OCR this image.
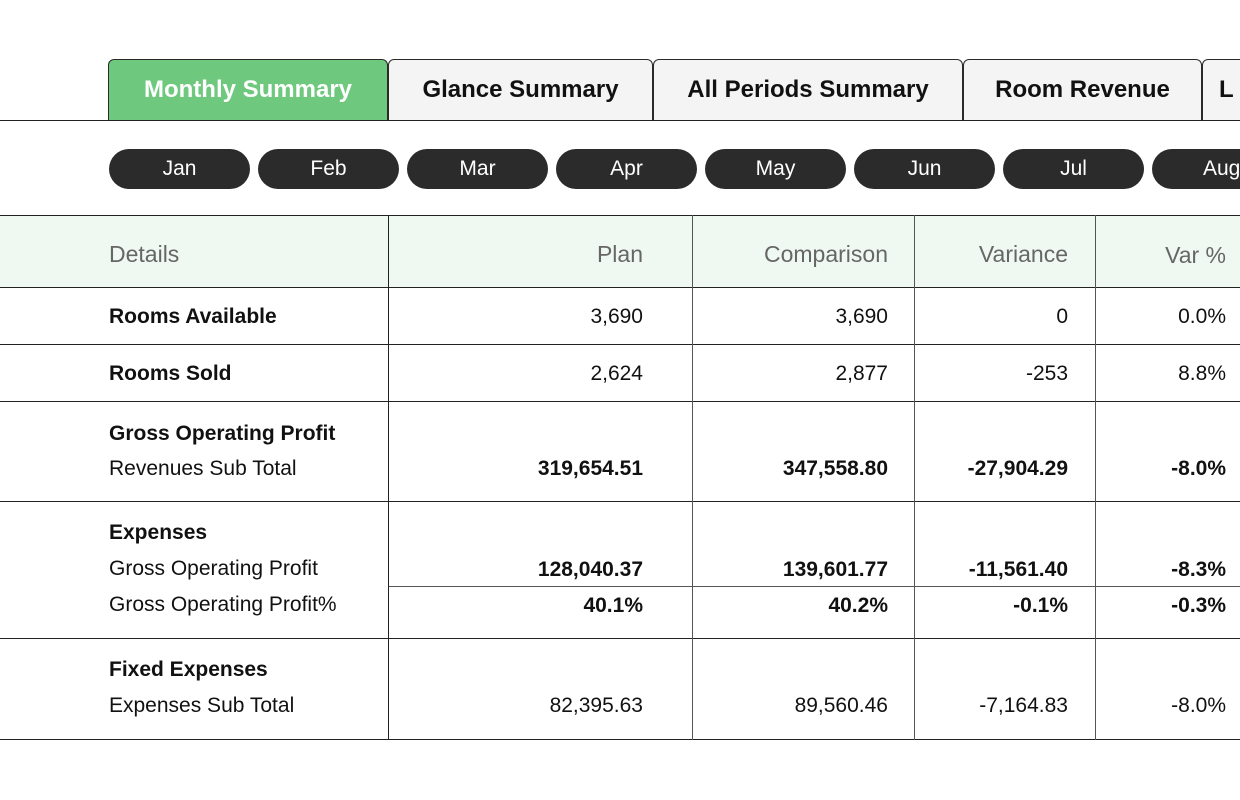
Monthly Summary	Glance Summary	All Periods Summary	Room Revenue	L
Jan	Feb	Mar	Apr	May	Jun	Jul	Aug
Details	Plan	Comparison	Variance	Var %
Rooms Available	3,690	3,690	0	0.0%
Rooms Sold	2,624	2,877	-253	8.8%
Gross Operating Profit
Revenues Sub Total	319,654.51	347,558.80	-27,904.29	-8.0%
Expenses
Gross Operating Profit	128,040.37	139,601.77	-11,561.40	-8.3%
Gross Operating Profit%	40.1%	40.2%	-0.1%	-0.3%
Fixed Expenses
Expenses Sub Total	82,395.63	89,560.46	-7,164.83	-8.0%
